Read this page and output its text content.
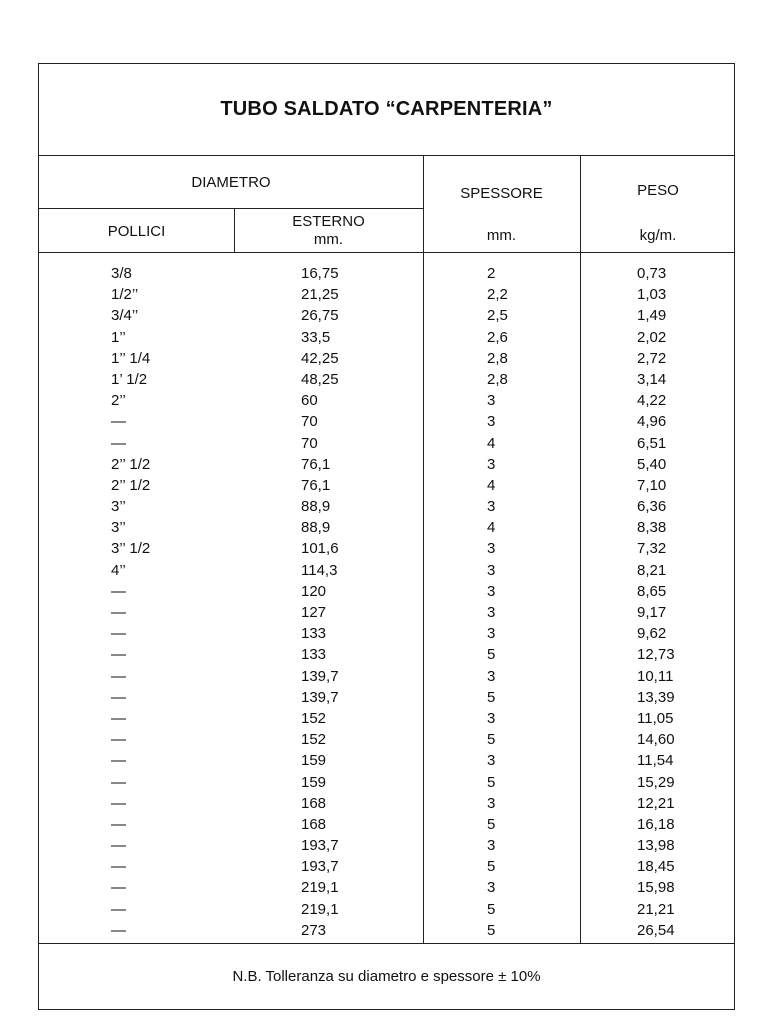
TUBO SALDATO “CARPENTERIA”
DIAMETRO
POLLICI
ESTERNO
mm.
SPESSORE
mm.
PESO
kg/m.
3/8
1/2’’
3/4’’
1’’
1’’ 1/4
1’ 1/2
2’’
—
—
2’’ 1/2
2’’ 1/2
3’’
3’’
3’’ 1/2
4’’
—
—
—
—
—
—
—
—
—
—
—
—
—
—
—
—
—
16,75
21,25
26,75
33,5
42,25
48,25
60
70
70
76,1
76,1
88,9
88,9
101,6
114,3
120
127
133
133
139,7
139,7
152
152
159
159
168
168
193,7
193,7
219,1
219,1
273
2
2,2
2,5
2,6
2,8
2,8
3
3
4
3
4
3
4
3
3
3
3
3
5
3
5
3
5
3
5
3
5
3
5
3
5
5
0,73
1,03
1,49
2,02
2,72
3,14
4,22
4,96
6,51
5,40
7,10
6,36
8,38
7,32
8,21
8,65
9,17
9,62
12,73
10,11
13,39
11,05
14,60
11,54
15,29
12,21
16,18
13,98
18,45
15,98
21,21
26,54
N.B. Tolleranza su diametro e spessore ± 10%
